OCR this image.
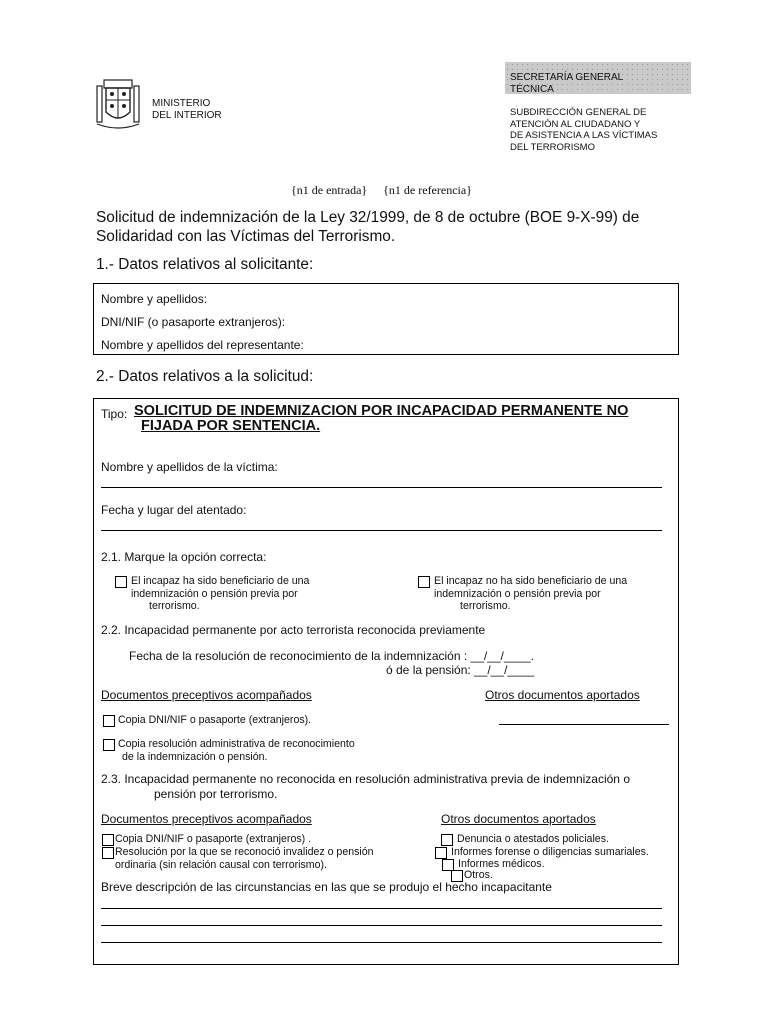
MINISTERIO
DEL INTERIOR
SECRETARÍA GENERAL
TÉCNICA
SUBDIRECCIÓN GENERAL DE
ATENCIÓN AL CIUDADANO Y
DE ASISTENCIA A LAS VÍCTIMAS
DEL TERRORISMO
{n1 de entrada} {n1 de referencia}
Solicitud de indemnización de la Ley 32/1999, de 8 de octubre (BOE 9-X-99) de Solidaridad con las Víctimas del Terrorismo.
1.- Datos relativos al solicitante:
Nombre y apellidos:
DNI/NIF (o pasaporte extranjeros):
Nombre y apellidos del representante:
2.- Datos relativos a la solicitud:
Tipo: SOLICITUD DE INDEMNIZACION POR INCAPACIDAD PERMANENTE NO
FIJADA POR SENTENCIA.
Nombre y apellidos de la víctima:
Fecha y lugar del atentado:
2.1. Marque la opción correcta:
El incapaz ha sido beneficiario de una
indemnización o pensión previa por
terrorismo.
El incapaz no ha sido beneficiario de una
indemnización o pensión previa por
terrorismo.
2.2. Incapacidad permanente por acto terrorista reconocida previamente
Fecha de la resolución de reconocimiento de la indemnización : __/__/____.
ó de la pensión: __/__/____
Documentos preceptivos acompañados	Otros documentos aportados
Copia DNI/NIF o pasaporte (extranjeros).
Copia resolución administrativa de reconocimiento
de la indemnización o pensión.
2.3. Incapacidad permanente no reconocida en resolución administrativa previa de indemnización o
pensión por terrorismo.
Documentos preceptivos acompañados	Otros documentos aportados
Copia DNI/NIF o pasaporte (extranjeros) .
Resolución por la que se reconoció invalidez o pensión
ordinaria (sin relación causal con terrorismo).
Denuncia o atestados policiales.
Informes forense o diligencias sumariales.
Informes médicos.
Otros.
Breve descripción de las circunstancias en las que se produjo el hecho incapacitante
